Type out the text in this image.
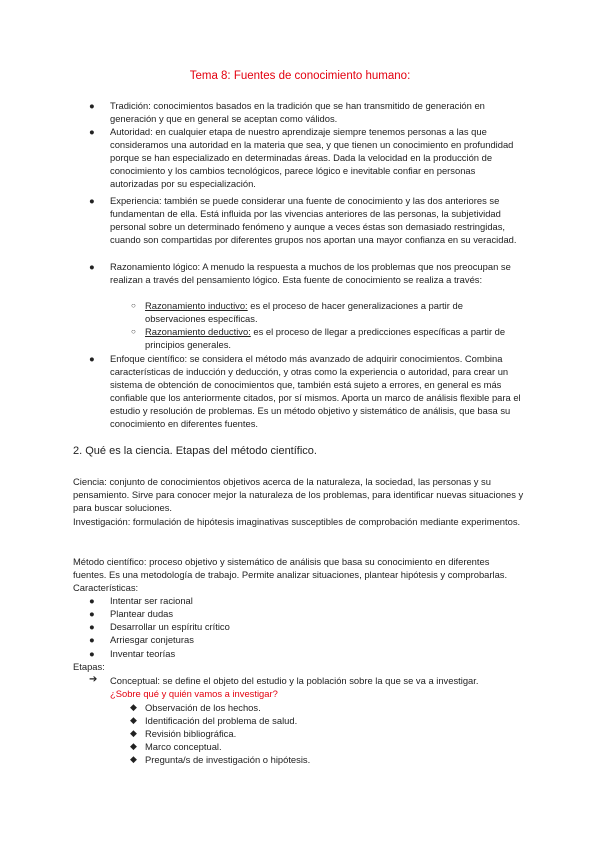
Tema 8: Fuentes de conocimiento humano:
● Tradición: conocimientos basados en la tradición que se han transmitido de generación en generación y que en general se aceptan como válidos.
● Autoridad: en cualquier etapa de nuestro aprendizaje siempre tenemos personas a las que consideramos una autoridad en la materia que sea, y que tienen un conocimiento en profundidad porque se han especializado en determinadas áreas. Dada la velocidad en la producción de conocimiento y los cambios tecnológicos, parece lógico e inevitable confiar en personas autorizadas por su especialización.
● Experiencia: también se puede considerar una fuente de conocimiento y las dos anteriores se fundamentan de ella. Está influida por las vivencias anteriores de las personas, la subjetividad personal sobre un determinado fenómeno y aunque a veces éstas son demasiado restringidas, cuando son compartidas por diferentes grupos nos aportan una mayor confianza en su veracidad.
● Razonamiento lógico: A menudo la respuesta a muchos de los problemas que nos preocupan se realizan a través del pensamiento lógico. Esta fuente de conocimiento se realiza a través:
○ Razonamiento inductivo: es el proceso de hacer generalizaciones a partir de observaciones específicas.
○ Razonamiento deductivo: es el proceso de llegar a predicciones específicas a partir de principios generales.
● Enfoque científico: se considera el método más avanzado de adquirir conocimientos. Combina características de inducción y deducción, y otras como la experiencia o autoridad, para crear un sistema de obtención de conocimientos que, también está sujeto a errores, en general es más confiable que los anteriormente citados, por sí mismos. Aporta un marco de análisis flexible para el estudio y resolución de problemas. Es un método objetivo y sistemático de análisis, que basa su conocimiento en diferentes fuentes.
2. Qué es la ciencia. Etapas del método científico.
Ciencia: conjunto de conocimientos objetivos acerca de la naturaleza, la sociedad, las personas y su pensamiento. Sirve para conocer mejor la naturaleza de los problemas, para identificar nuevas situaciones y para buscar soluciones.
Investigación: formulación de hipótesis imaginativas susceptibles de comprobación mediante experimentos.
Método científico: proceso objetivo y sistemático de análisis que basa su conocimiento en diferentes fuentes. Es una metodología de trabajo. Permite analizar situaciones, plantear hipótesis y comprobarlas. Características:
● Intentar ser racional
● Plantear dudas
● Desarrollar un espíritu crítico
● Arriesgar conjeturas
● Inventar teorías
Etapas:
➔ Conceptual: se define el objeto del estudio y la población sobre la que se va a investigar.
¿Sobre qué y quién vamos a investigar?
◆ Observación de los hechos.
◆ Identificación del problema de salud.
◆ Revisión bibliográfica.
◆ Marco conceptual.
◆ Pregunta/s de investigación o hipótesis.
